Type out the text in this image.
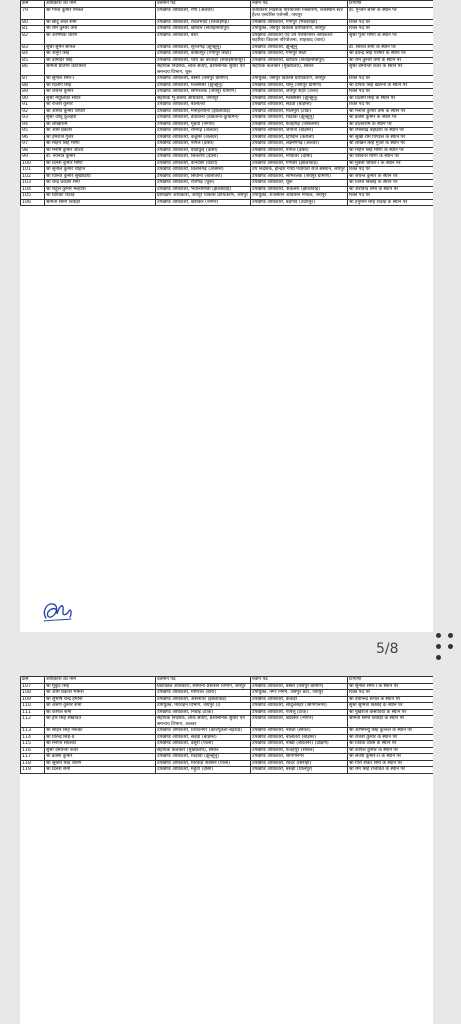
क्रम	अधिकारी का नाम	वर्तमान पद	नवीन पद	टिप्पणी
79	श्री गौरव कुमार मित्तल	उपखण्ड अधिकारी, रैणी (अलवर)	कार्यकारी निदेशक परियोजना निस्तारण, राजस्थान स्टेट हैल्थ एश्योरेंस एजेन्सी, जयपुर	डॉ. गुन्जन सोनी के स्थान पर
80	श्री छोटू लाल शर्मा	उपखण्ड अधिकारी, रावतभाटा (चित्तौड़गढ़)	उपखण्ड अधिकारी, गंगापुर (भीलवाड़ा)	रिक्त पद पर
81	श्री राम कुमार वर्मा	उपखण्ड अधिकारी, खण्डार (सवाईमाधोपुर)	उपायुक्त, जयपुर विकास प्राधिकरण, जयपुर	रिक्त पद पर
82	श्री अभिषेक चारण	उपखण्ड अधिकारी, बारां	उपखण्ड अधिकारी एवं उप परियोजना अधिकारी-शहरिया विकास परियोजना, शाहबाद (बारां)	सुश्री पूजा मीणा के स्थान पर
83	सुश्री सुमन सोनल	उपखण्ड अधिकारी, सूरजगढ़ (झुन्झुनू)	उपखण्ड अधिकारी, झुन्झुनू	डॉ. सरिता शर्मा के स्थान पर
84	श्री अनुप सिंह	उपखण्ड अधिकारी, बजीतपुर (गंगापुर सिटी)	उपखण्ड अधिकारी, गंगापुर सिटी	श्री देवेन्द्र सिंह परमार के स्थान पर
85	श्री दामोदर सिंह	उपखण्ड अधिकारी, चौथ का बरवाड़ा (सवाईमाधोपुर)	उपखण्ड अधिकारी, खण्डार (सवाईमाधोपुर)	श्री राम कुमार वर्मा के स्थान पर
86	श्रीमती प्रतिभा कोटासरा	सहायक निदेशक, लोक सेवाऐं, प्रशासनिक सुधार एवं समन्वय विभाग, चूरू	सहायक कलक्टर (मुख्यालय), सीकर	सुश्री दमयन्ती कंवर के स्थान पर
87	श्री सुनील शर्मा-I	उपखण्ड अधिकारी, बस्सी (जयपुर ग्रामीण)	उपायुक्त, जयपुर विकास प्राधिकरण, जयपुर	रिक्त पद पर
88	श्री दिलीप सिंह	उपखण्ड अधिकारी, मलसीसर (झुन्झुनू)	उपखण्ड अधिकारी, चौमूं (जयपुर ग्रामीण)	श्री दीपक सिंह खटाना के स्थान पर
89	श्री जयन्त कुमार	उपखण्ड अधिकारी, सांभरलेक (जयपुर ग्रामीण)	उपखण्ड अधिकारी, जयपुर शहर (उत्तर)	रिक्त पद पर
90	सुश्री मधुलिका सीवर	सहायक भू-प्रबन्ध अधिकारी, जोधपुर	उपखण्ड अधिकारी, मलसीसर (झुन्झुनू)	श्री दिलीप सिंह के स्थान पर
91	श्री राजेश कुमार	उपखण्ड अधिकारी, बालोतरा	उपखण्ड अधिकारी, सेड़वा (बाड़मेर)	रिक्त पद पर
92	श्री अमित कुमार चौधरी	उपखण्ड अधिकारी, मनोहरथाना (झालावाड़)	उपखण्ड अधिकारी, मालपुरा (टोंक)	श्री मनोज कुमार वर्मा के स्थान पर
93	सुश्री जीतू कुलहरी	उपखण्ड अधिकारी, डीडवाना (डीडवाना-कुचामन)	उपखण्ड अधिकारी, चिड़ावा (झुन्झुनू)	श्री ब्रजेश कुमार के स्थान पर
94	श्री लाखाराम	उपखण्ड अधिकारी, मूंडवा (नागौर)	उपखण्ड अधिकारी, फतेहगढ़ (जैसलमेर)	श्री दौलतराम के स्थान पर
95	श्री ओम प्रकाश	उपखण्ड अधिकारी, रामगढ़ (अलवर)	उपखण्ड अधिकारी, जेगाना (बाड़मेर)	श्री रमेशचंद्र बहड़िया के स्थान पर
96	श्री हेमराज गुर्जर	उपखण्ड अधिकारी, कठूमर (अलवर)	उपखण्ड अधिकारी, हिण्डौन (करौली)	श्री सुखा राम पिण्डेल के स्थान पर
97	श्री मोहन सिंह मीणा	उपखण्ड अधिकारी, नांगल (दौसा)	उपखण्ड अधिकारी, लक्ष्मणगढ़ (अलवर)	श्री लाखन सिंह गुर्जर के स्थान पर
98	श्री मनीष कुमार जाटव	उपखण्ड अधिकारी, बांदीकुई (दौसा)	उपखण्ड अधिकारी, नांगल (दौसा)	श्री मोहन सिंह मीणा के स्थान पर
99	डॉ. नवनीत कुमार	उपखण्ड अधिकारी, सिकराय (दौसा)	उपखण्ड अधिकारी, मण्डावर (दौसा)	श्री यशवन्त मीणा के स्थान पर
100	श्री दिनेश कुमार मीणा	उपखण्ड अधिकारी, कनवास (कोटा)	उपखण्ड अधिकारी, गंगधार (झालावाड़)	श्री मुकेश चौधरी-I के स्थान पर
101	श्री सुनील कुमार चौहान	उपखण्ड अधिकारी, किशनगढ़ (अजमेर)	उप निदेशक, इन्दिरा गाँधी पंचायती राज संस्थान, जयपुर	रिक्त पद पर
102	श्री विनित कुमार सुखाड़िया	उपखण्ड अधिकारी, सिवाना (बालोतरा)	उपखण्ड अधिकारी, सांभरलेक (जयपुर ग्रामीण)	श्री जयन्त कुमार के स्थान पर
103	श्री चन्द्र प्रकाश शर्मा	उपखण्ड अधिकारी, राजगढ़ (चूरू)	उपखण्ड अधिकारी, चूरू	श्री विनय बिश्नोई के स्थान पर
104	श्री राहुल कुमार मल्होत्रा	उपखण्ड अधिकारी, भवानीमण्डी (झालावाड़)	उपखण्ड अधिकारी, अकलेरा (झालावाड़)	श्री अरविन्द शर्मा के स्थान पर
105	श्री प्रियंका राठौड़	प्रायिक्षण अधिकारी, जयपुर विकास प्राधिकरण, जयपुर	उपायुक्त, राजस्थान आवासन मण्डल, जयपुर	रिक्त पद पर
106	श्रीमती सीमा तिवाड़ी	उपखण्ड अधिकारी, खींवसर (नागौर)	उपखण्ड अधिकारी, बड़गांव (उदयपुर)	श्री हनुमान सिंह राठौड़ के स्थान पर
5/8
क्रम	अधिकारी का नाम	वर्तमान पद	नवीन पद	टिप्पणी
107	श्री मुकुट सिंह	प्रोटोकॉल अधिकारी, सामान्य प्रशासन विभाग, जयपुर	उपखण्ड अधिकारी, बस्सी (जयपुर ग्रामीण)	श्री सुनील शर्मा-I के स्थान पर
108	श्री ओम प्रकाश भामरी	उपखण्ड अधिकारी, मांगरोल (बारां)	उपायुक्त, नगर निगम, जयपुर ग्रेटर, जयपुर	रिक्त पद पर
109	श्री सुभाष चन्द्र हेमानी	उपखण्ड अधिकारी, असनावर (झालावाड़)	उपखण्ड अधिकारी, केकड़ी	श्री दयानन्द रूपल के स्थान पर
110	श्री अरुण कुमार शर्मा	उपायुक्त, परिवहन विभाग, जयपुर (I)	उपखण्ड अधिकारी, सादुलशहर (श्रीगंगानगर)	सुश्री सुमित्रा बिश्नोई के स्थान पर
111	श्री कपिल शर्मा	उपखण्ड अधिकारी, निवाई (टोंक)	उपखण्ड अधिकारी, पीपलू (टोंक)	श्री पुखराज कसोटिया के स्थान पर
112	श्री हरि सिंह शेखावत	सहायक निदेशक, लोक सेवाऐं, प्रशासनिक सुधार एवं समन्वय विभाग, अलवर	उपखण्ड अधिकारी, खींवसर (नागौर)	श्रीमती सीमा तिवाड़ी के स्थान पर
113	श्री सोहन सिंह नरूका	उपखण्ड अधिकारी, विराटनगर (कोटपूतली-बहरोड़)	उपखण्ड अधिकारी, नेछवा (सीकर)	श्री अभिमन्यु सिंह कुन्तल के स्थान पर
114	श्री विरेन्द्र सिंह-II	उपखण्ड अधिकारी, सेड़वा (बाड़मेर)	उपखण्ड अधिकारी, बालोतरा (बाड़मेर)	श्री राजेश कुमार के स्थान पर
115	श्री मनोज सोलंकी	उपखण्ड अधिकारी, देसूरी (पाली)	उपखण्ड अधिकारी, नोखा (बीकानेर) (दक्षिण)	श्री विवेक व्यास के स्थान पर
116	सुश्री दमयन्ती कंवर	सहायक कलक्टर (मुख्यालय), सीकर	उपखण्ड अधिकारी, फतेहपुर (सीकर)	श्री कपिल कुमार के स्थान पर
117	श्री ब्रजेश कुमार	उपखण्ड अधिकारी, चिड़ावा (झुन्झुनू)	उपखण्ड अधिकारी, श्रीगंगानगर	श्री संजय कुमार-II के स्थान पर
118	श्री सुबोध सिंह चारण	उपखण्ड अधिकारी, मारवाड़ जंक्शन (पाली)	उपखण्ड अधिकारी, रेवदर (सिरोही)	श्री गौरी शंकर शर्मा के स्थान पर
119	श्री दिनेश शर्मा	उपखण्ड अधिकारी, महुवा (दौसा)	उपखण्ड अधिकारी, बसेड़ी (धौलपुर)	श्री राम सिंह राजावत के स्थान पर
